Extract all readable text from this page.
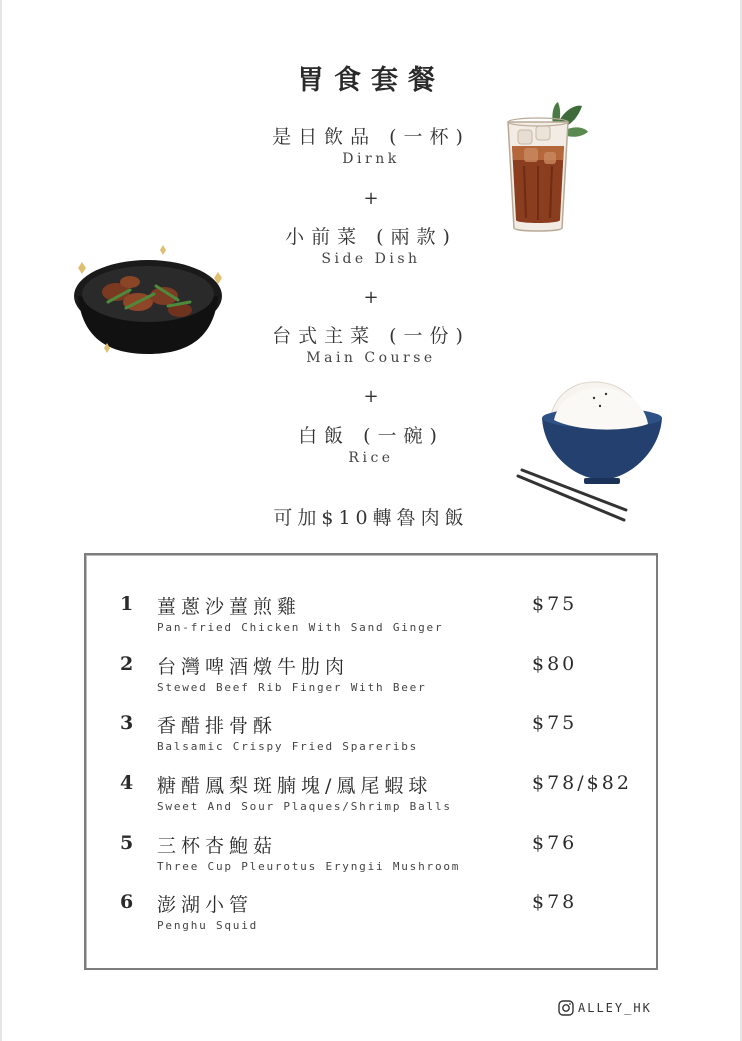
胃食套餐
是日飲品 (一杯)
Dirnk
+
小前菜 (兩款)
Side Dish
+
台式主菜 (一份)
Main Course
+
白飯 (一碗)
Rice
可加$10轉魯肉飯
1 薑蔥沙薑煎雞
Pan-fried Chicken With Sand Ginger
$75
2 台灣啤酒燉牛肋肉
Stewed Beef Rib Finger With Beer
$80
3 香醋排骨酥
Balsamic Crispy Fried Spareribs
$75
4 糖醋鳳梨斑腩塊/鳳尾蝦球
Sweet And Sour Plaques/Shrimp Balls
$78/$82
5 三杯杏鮑菇
Three Cup Pleurotus Eryngii Mushroom
$76
6 澎湖小管
Penghu Squid
$78
ALLEY_HK
